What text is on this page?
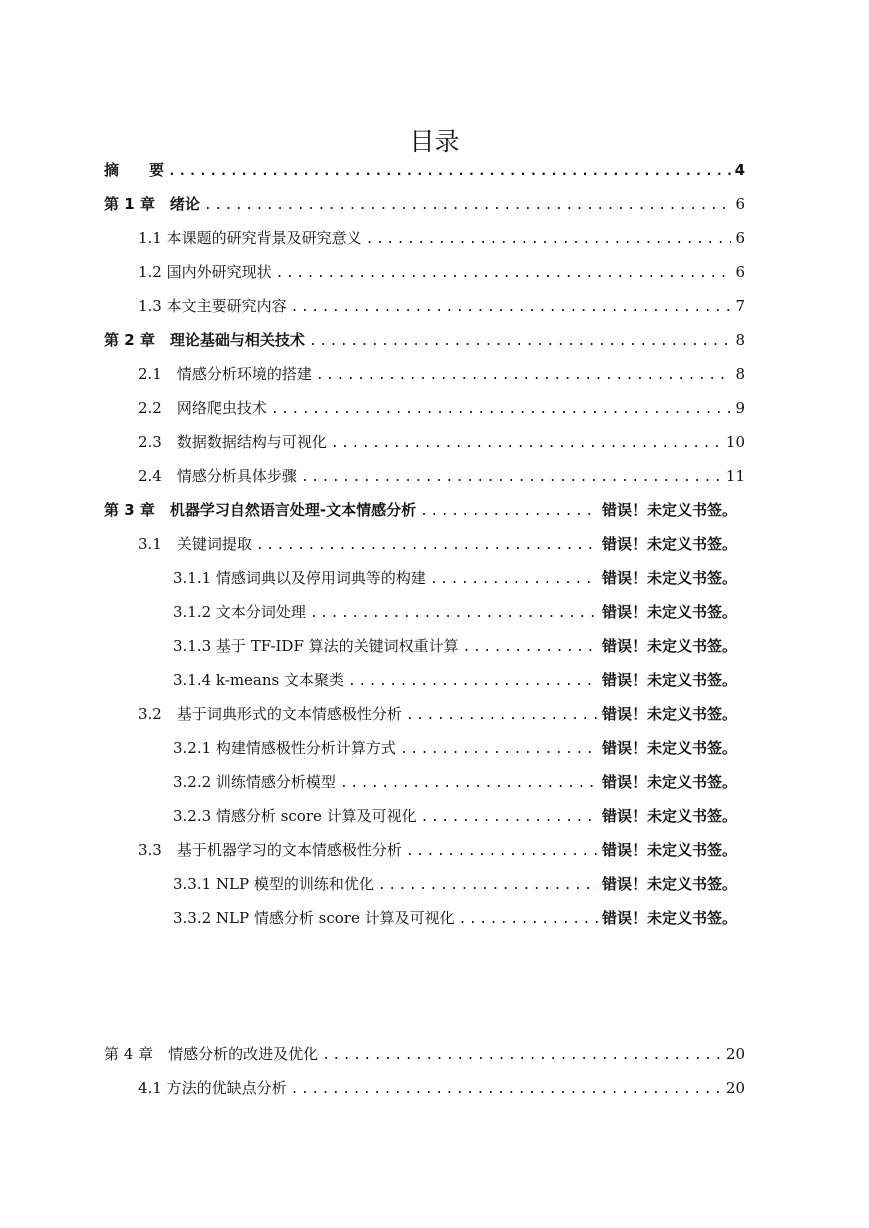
目录
摘　　要 .....	4
第 1 章　绪论 .....	6
1.1 本课题的研究背景及研究意义 .....	6
1.2 国内外研究现状 .....	6
1.3 本文主要研究内容 .....	7
第 2 章　理论基础与相关技术 .....	8
2.1　情感分析环境的搭建 .....	8
2.2　网络爬虫技术 .....	9
2.3　数据数据结构与可视化 .....	10
2.4　情感分析具体步骤 .....	11
第 3 章　机器学习自然语言处理-文本情感分析 .....	错误！未定义书签。
3.1　关键词提取 .....	错误！未定义书签。
3.1.1 情感词典以及停用词典等的构建 .....	错误！未定义书签。
3.1.2 文本分词处理 .....	错误！未定义书签。
3.1.3 基于 TF-IDF 算法的关键词权重计算 .....	错误！未定义书签。
3.1.4 k-means 文本聚类 .....	错误！未定义书签。
3.2　基于词典形式的文本情感极性分析 .....	错误！未定义书签。
3.2.1 构建情感极性分析计算方式 .....	错误！未定义书签。
3.2.2 训练情感分析模型 .....	错误！未定义书签。
3.2.3 情感分析 score 计算及可视化 .....	错误！未定义书签。
3.3　基于机器学习的文本情感极性分析 .....	错误！未定义书签。
3.3.1 NLP 模型的训练和优化 .....	错误！未定义书签。
3.3.2 NLP 情感分析 score 计算及可视化 .....	错误！未定义书签。
第 4 章　情感分析的改进及优化 .....	20
4.1 方法的优缺点分析 .....	20
